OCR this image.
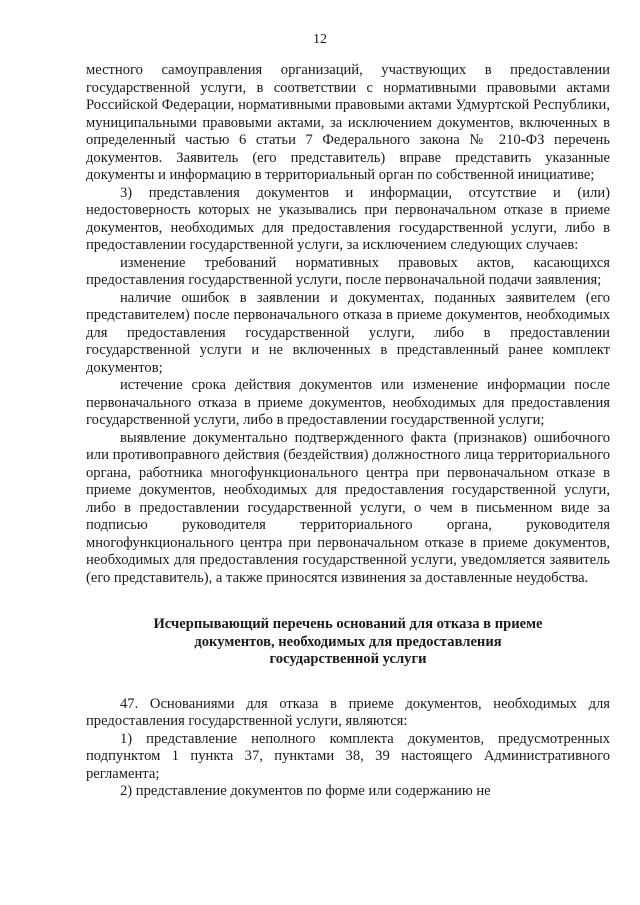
12

местного самоуправления организаций, участвующих в предоставлении государственной услуги, в соответствии с нормативными правовыми актами Российской Федерации, нормативными правовыми актами Удмуртской Республики, муниципальными правовыми актами, за исключением документов, включенных в определенный частью 6 статьи 7 Федерального закона № 210-ФЗ перечень документов. Заявитель (его представитель) вправе представить указанные документы и информацию в территориальный орган по собственной инициативе;

3) представления документов и информации, отсутствие и (или) недостоверность которых не указывались при первоначальном отказе в приеме документов, необходимых для предоставления государственной услуги, либо в предоставлении государственной услуги, за исключением следующих случаев:

изменение требований нормативных правовых актов, касающихся предоставления государственной услуги, после первоначальной подачи заявления;

наличие ошибок в заявлении и документах, поданных заявителем (его представителем) после первоначального отказа в приеме документов, необходимых для предоставления государственной услуги, либо в предоставлении государственной услуги и не включенных в представленный ранее комплект документов;

истечение срока действия документов или изменение информации после первоначального отказа в приеме документов, необходимых для предоставления государственной услуги, либо в предоставлении государственной услуги;

выявление документально подтвержденного факта (признаков) ошибочного или противоправного действия (бездействия) должностного лица территориального органа, работника многофункционального центра при первоначальном отказе в приеме документов, необходимых для предоставления государственной услуги, либо в предоставлении государственной услуги, о чем в письменном виде за подписью руководителя территориального органа, руководителя многофункционального центра при первоначальном отказе в приеме документов, необходимых для предоставления государственной услуги, уведомляется заявитель (его представитель), а также приносятся извинения за доставленные неудобства.

Исчерпывающий перечень оснований для отказа в приеме
документов, необходимых для предоставления
государственной услуги

47. Основаниями для отказа в приеме документов, необходимых для предоставления государственной услуги, являются:

1) представление неполного комплекта документов, предусмотренных подпунктом 1 пункта 37, пунктами 38, 39 настоящего Административного регламента;

2) представление документов по форме или содержанию не
